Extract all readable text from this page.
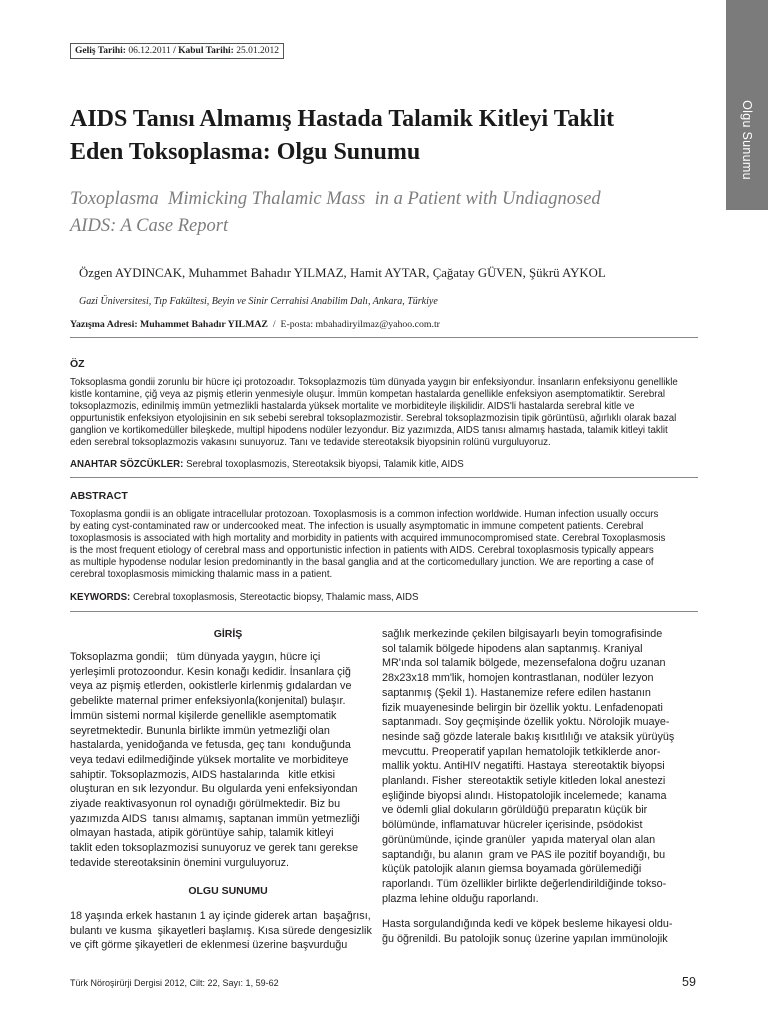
Geliş Tarihi: 06.12.2011 / Kabul Tarihi: 25.01.2012
Olgu Sunumu
AIDS Tanısı Almamış Hastada Talamik Kitleyi Taklit
Eden Toksoplasma: Olgu Sunumu
Toxoplasma  Mimicking Thalamic Mass  in a Patient with Undiagnosed
AIDS: A Case Report
Özgen AYDINCAK, Muhammet Bahadır YILMAZ, Hamit AYTAR, Çağatay GÜVEN, Şükrü AYKOL
Gazi Üniversitesi, Tıp Fakültesi, Beyin ve Sinir Cerrahisi Anabilim Dalı, Ankara, Türkiye
Yazışma Adresi: Muhammet Bahadır YILMAZ  /  E-posta: mbahadiryilmaz@yahoo.com.tr
ÖZ
Toksoplasma gondii zorunlu bir hücre içi protozoadır. Toksoplazmozis tüm dünyada yaygın bir enfeksiyondur. İnsanların enfeksiyonu genellikle
kistle kontamine, çiğ veya az pişmiş etlerin yenmesiyle oluşur. İmmün kompetan hastalarda genellikle enfeksiyon asemptomatiktir. Serebral
toksoplazmozis, edinilmiş immün yetmezlikli hastalarda yüksek mortalite ve morbiditeyle ilişkilidir. AIDS'li hastalarda serebral kitle ve
oppurtunistik enfeksiyon etyolojisinin en sık sebebi serebral toksoplazmozistir. Serebral toksoplazmozisin tipik görüntüsü, ağırlıklı olarak bazal
ganglion ve kortikomedüller bileşkede, multipl hipodens nodüler lezyondur. Biz yazımızda, AIDS tanısı almamış hastada, talamik kitleyi taklit
eden serebral toksoplazmozis vakasını sunuyoruz. Tanı ve tedavide stereotaksik biyopsinin rolünü vurguluyoruz.
ANAHTAR SÖZCÜKLER: Serebral toxoplasmozis, Stereotaksik biyopsi, Talamik kitle, AIDS
ABSTRACT
Toxoplasma gondii is an obligate intracellular protozoan. Toxoplasmosis is a common infection worldwide. Human infection usually occurs
by eating cyst-contaminated raw or undercooked meat. The infection is usually asymptomatic in immune competent patients. Cerebral
toxoplasmosis is associated with high mortality and morbidity in patients with acquired immunocompromised state. Cerebral Toxoplasmosis
is the most frequent etiology of cerebral mass and opportunistic infection in patients with AIDS. Cerebral toxoplasmosis typically appears
as multiple hypodense nodular lesion predominantly in the basal ganglia and at the corticomedullary junction. We are reporting a case of
cerebral toxoplasmosis mimicking thalamic mass in a patient.
KEYWORDS: Cerebral toxoplasmosis, Stereotactic biopsy, Thalamic mass, AIDS
GİRİŞ
Toksoplazma gondii;   tüm dünyada yaygın, hücre içi
yerleşimli protozoondur. Kesin konağı kedidir. İnsanlara çiğ
veya az pişmiş etlerden, ookistlerle kirlenmiş gıdalardan ve
gebelikte maternal primer enfeksiyonla(konjenital) bulaşır.
İmmün sistemi normal kişilerde genellikle asemptomatik
seyretmektedir. Bununla birlikte immün yetmezliği olan
hastalarda, yenidoğanda ve fetusda, geç tanı  konduğunda
veya tedavi edilmediğinde yüksek mortalite ve morbiditeye
sahiptir. Toksoplazmozis, AIDS hastalarında   kitle etkisi
oluşturan en sık lezyondur. Bu olgularda yeni enfeksiyondan
ziyade reaktivasyonun rol oynadığı görülmektedir. Biz bu
yazımızda AIDS  tanısı almamış, saptanan immün yetmezliği
olmayan hastada, atipik görüntüye sahip, talamik kitleyi
taklit eden toksoplazmozisi sunuyoruz ve gerek tanı gerekse
tedavide stereotaksinin önemini vurguluyoruz.
OLGU SUNUMU
18 yaşında erkek hastanın 1 ay içinde giderek artan  başağrısı,
bulantı ve kusma  şikayetleri başlamış. Kısa sürede dengesizlik
ve çift görme şikayetleri de eklenmesi üzerine başvurduğu
sağlık merkezinde çekilen bilgisayarlı beyin tomografisinde
sol talamik bölgede hipodens alan saptanmış. Kraniyal
MR'ında sol talamik bölgede, mezensefalona doğru uzanan
28x23x18 mm'lik, homojen kontrastlanan, nodüler lezyon
saptanmış (Şekil 1). Hastanemize refere edilen hastanın
fizik muayenesinde belirgin bir özellik yoktu. Lenfadenopati
saptanmadı. Soy geçmişinde özellik yoktu. Nörolojik muaye-
nesinde sağ gözde laterale bakış kısıtlılığı ve ataksik yürüyüş
mevcuttu. Preoperatif yapılan hematolojik tetkiklerde anor-
mallik yoktu. AntiHIV negatifti. Hastaya  stereotaktik biyopsi
planlandı. Fisher  stereotaktik setiyle kitleden lokal anestezi
eşliğinde biyopsi alındı. Histopatolojik incelemede;  kanama
ve ödemli glial dokuların görüldüğü preparatın küçük bir
bölümünde, inflamatuvar hücreler içerisinde, psödokist
görünümünde, içinde granüler  yapıda materyal olan alan
saptandığı, bu alanın  gram ve PAS ile pozitif boyandığı, bu
küçük patolojik alanın giemsa boyamada görülemediği
raporlandı. Tüm özellikler birlikte değerlendirildiğinde tokso-
plazma lehine olduğu raporlandı.
Hasta sorgulandığında kedi ve köpek besleme hikayesi oldu-
ğu öğrenildi. Bu patolojik sonuç üzerine yapılan immünolojik
Türk Nöroşirürji Dergisi 2012, Cilt: 22, Sayı: 1, 59-62	59
